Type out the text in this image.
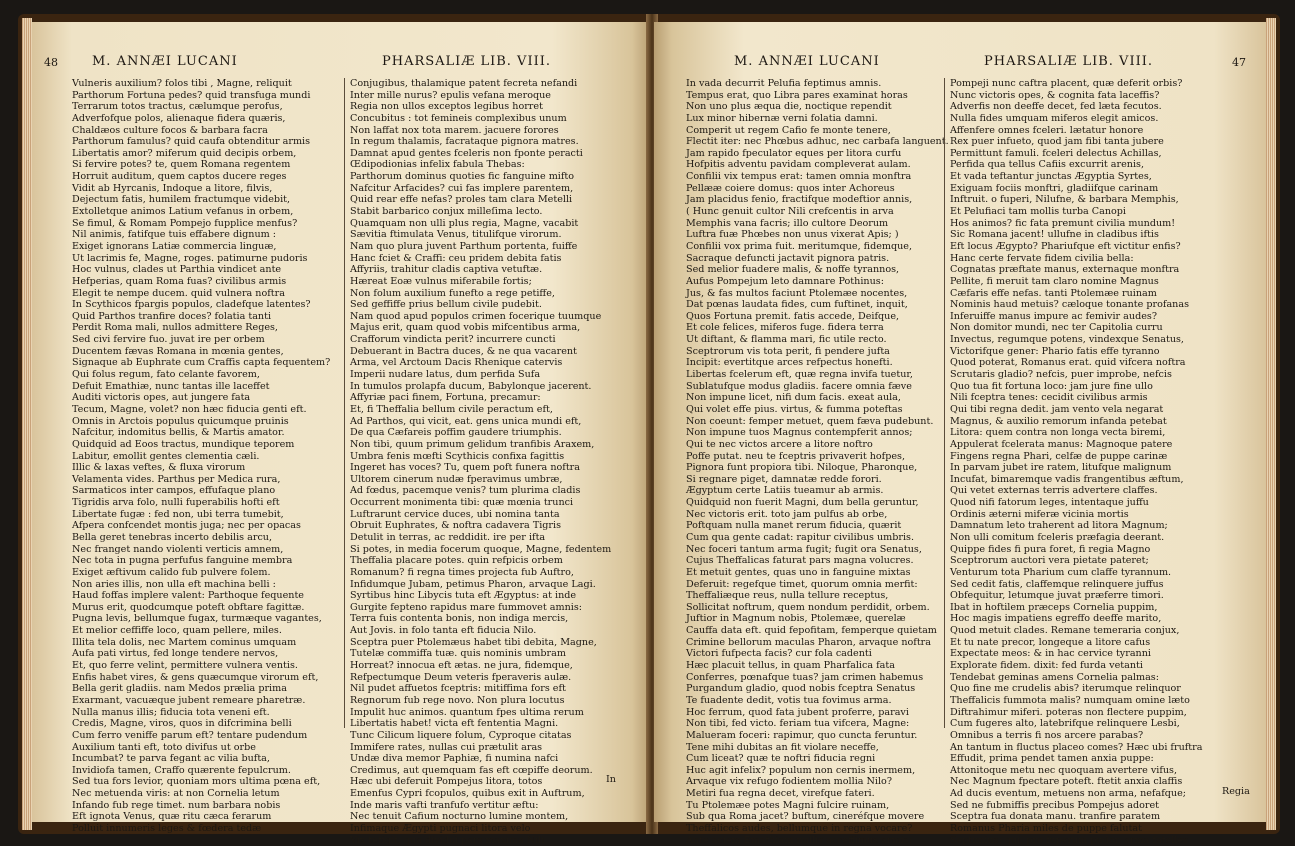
48	M. ANNÆI LUCANI	PHARSALIÆ LIB. VIII.
Vulneris auxilium? folos tibi , Magne, reliquit
Parthorum Fortuna pedes? quid transfuga mundi
Terrarum totos tractus, cælumque perofus,
Adverfofque polos, alienaque fidera quæris,
Chaldæos culture focos & barbara facra
Parthorum famulus? quid caufa obtenditur armis
Libertatis amor? miferum quid decipis orbem,
Si fervire potes? te, quem Romana regentem
Horruit auditum, quem captos ducere reges
Vidit ab Hyrcanis, Indoque a litore, filvis,
Dejectum fatis, humilem fractumque videbit,
Extolletque animos Latium vefanus in orbem,
Se fimul, & Romam Pompejo fupplice menfus?
Nil animis, fatifque tuis effabere dignum :
Exiget ignorans Latiæ commercia linguæ,
Ut lacrimis fe, Magne, roges. patimurne pudoris
Hoc vulnus, clades ut Parthia vindicet ante
Hefperias, quam Roma fuas? civilibus armis
Elegit te nempe ducem. quid vulnera noftra
In Scythicos fpargis populos, cladefque latentes?
Quid Parthos tranfire doces? folatia tanti
Perdit Roma mali, nullos admittere Reges,
Sed civi fervire fuo. juvat ire per orbem
Ducentem fævas Romana in mœnia gentes,
Signaque ab Euphrate cum Craffis capta fequentem?
Qui folus regum, fato celante favorem,
Defuit Emathiæ, nunc tantas ille laceffet
Auditi victoris opes, aut jungere fata
Tecum, Magne, volet? non hæc fiducia genti eft.
Omnis in Arctois populus quicumque pruinis
Nafcitur, indomitus bellis, & Martis amator.
Quidquid ad Eoos tractus, mundique teporem
Labitur, emollit gentes clementia cæli.
Illic & laxas veftes, & fluxa virorum
Velamenta vides. Parthus per Medica rura,
Sarmaticos inter campos, effufaque plano
Tigridis arva folo, nulli fuperabilis hofti eft
Libertate fugæ : fed non, ubi terra tumebit,
Afpera confcendet montis juga; nec per opacas
Bella geret tenebras incerto debilis arcu,
Nec franget nando violenti verticis amnem,
Nec tota in pugna perfufus fanguine membra
Exiget æftivum calido fub pulvere folem.
Non aries illis, non ulla eft machina belli :
Haud foffas implere valent: Parthoque fequente
Murus erit, quodcumque poteft obftare fagittæ.
Pugna levis, bellumque fugax, turmæque vagantes,
Et melior ceffiffe loco, quam pellere, miles.
Illita tela dolis, nec Martem cominus umquam
Aufa pati virtus, fed longe tendere nervos,
Et, quo ferre velint, permittere vulnera ventis.
Enfis habet vires, & gens quæcumque virorum eft,
Bella gerit gladiis. nam Medos prælia prima
Exarmant, vacuæque jubent remeare pharetræ.
Nulla manus illis; fiducia tota veneni eft.
Credis, Magne, viros, quos in difcrimina belli
Cum ferro veniffe parum eft? tentare pudendum
Auxilium tanti eft, toto divifus ut orbe
Incumbat? te parva fegant ac vilia bufta,
Invidiofa tamen, Craffo quærente fepulcrum.
Sed tua fors levior, quoniam mors ultima pœna eft,
Nec metuenda viris: at non Cornelia letum
Infando fub rege timet. num barbara nobis
Eft ignota Venus, quæ ritu cæca ferarum
Polluit innumeris leges & fœdera tedæ
Conjugibus, thalamique patent fecreta nefandi
Inter mille nurus? epulis vefana meroque
Regia non ullos exceptos legibus horret
Concubitus : tot femineis complexibus unum
Non laffat nox tota marem. jacuere forores
In regum thalamis, facrataque pignora matres.
Damnat apud gentes fceleris non fponte peracti
Œdipodionias infelix fabula Thebas:
Parthorum dominus quoties fic fanguine mifto
Nafcitur Arfacides? cui fas implere parentem,
Quid rear effe nefas? proles tam clara Metelli
Stabit barbarico conjux milleſima lecto.
Quamquam non ulli plus regia, Magne, vacabit
Sævitia ftimulata Venus, titulifque virorum.
Nam quo plura juvent Parthum portenta, fuiffe
Hanc fciet & Craffi: ceu pridem debita fatis
Affyriis, trahitur cladis captiva vetuftæ.
Hæreat Eoæ vulnus miferabile fortis;
Non folum auxilium funefto a rege petiffe,
Sed geffiffe prius bellum civile pudebit.
Nam quod apud populos crimen focerique tuumque
Majus erit, quam quod vobis mifcentibus arma,
Crafforum vindicta perit? incurrere cuncti
Debuerant in Bactra duces, & ne qua vacarent
Arma, vel Arctoum Dacis Rhenique catervis
Imperii nudare latus, dum perfida Sufa
In tumulos prolapfa ducum, Babylonque jacerent.
Affyriæ paci finem, Fortuna, precamur:
Et, fi Theffalia bellum civile peractum eft,
Ad Parthos, qui vicit, eat. gens unica mundi eft,
De qua Cæfareis poffim gaudere triumphis.
Non tibi, quum primum gelidum tranfibis Araxem,
Umbra fenis mœfti Scythicis confixa fagittis
Ingeret has voces? Tu, quem poft funera noftra
Ultorem cinerum nudæ fperavimus umbræ,
Ad fœdus, pacemque venis? tum plurima cladis
Occurrent monimenta tibi: quæ mœnia trunci
Luftrarunt cervice duces, ubi nomina tanta
Obruit Euphrates, & noftra cadavera Tigris
Detulit in terras, ac reddidit. ire per ifta
Si potes, in media focerum quoque, Magne, fedentem
Theffalia placare potes. quin refpicis orbem
Romanum? fi regna times projecta fub Auftro,
Infidumque Jubam, petimus Pharon, arvaque Lagi.
Syrtibus hinc Libycis tuta eft Ægyptus: at inde
Gurgite fepteno rapidus mare fummovet amnis:
Terra fuis contenta bonis, non indiga mercis,
Aut Jovis. in folo tanta eft fiducia Nilo.
Sceptra puer Ptolemæus habet tibi debita, Magne,
Tutelæ commiffa tuæ. quis nominis umbram
Horreat? innocua eft ætas. ne jura, fidemque,
Refpectumque Deum veteris fperaveris aulæ.
Nil pudet affuetos fceptris: mitiffima fors eft
Regnorum fub rege novo. Non plura locutus
Impulit huc animos. quantum fpes ultima rerum
Libertatis habet! victa eft fententia Magni.
Tunc Cilicum liquere folum, Cyproque citatas
Immifere rates, nullas cui prætulit aras
Undæ diva memor Paphiæ, fi numina nafci
Credimus, aut quemquam fas eft cœpiffe deorum.
Hæc ubi deferuit Pompejus litora, totos
Emenfus Cypri fcopulos, quibus exit in Auftrum,
Inde maris vafti tranfufo vertitur æftu:
Nec tenuit Cafium nocturno lumine montem,
Infimaque Ægypti pugnaci litora velo
Vix tetigit, qua dividui pars maxima Nili
In
M. ANNÆI LUCANI	PHARSALIÆ LIB. VIII.	47
In vada decurrit Pelufia feptimus amnis.
Tempus erat, quo Libra pares examinat horas
Non uno plus æqua die, noctique rependit
Lux minor hibernæ verni folatia damni.
Comperit ut regem Cafio fe monte tenere,
Flectit iter: nec Phœbus adhuc, nec carbafa languent.
Jam rapido fpeculator eques per litora curfu
Hofpitis adventu pavidam compleverat aulam.
Confilii vix tempus erat: tamen omnia monftra
Pellææ coiere domus: quos inter Achoreus
Jam placidus fenio, fractifque modeftior annis,
( Hunc genuit cultor Nili crefcentis in arva
Memphis vana facris; illo cultore Deorum
Luftra fuæ Phœbes non unus vixerat Apis; )
Confilii vox prima fuit. meritumque, fidemque,
Sacraque defuncti jactavit pignora patris.
Sed melior fuadere malis, & noffe tyrannos,
Aufus Pompejum leto damnare Pothinus:
Jus, & fas multos faciunt Ptolemæe nocentes,
Dat pœnas laudata fides, cum fuftinet, inquit,
Quos Fortuna premit. fatis accede, Deifque,
Et cole felices, miferos fuge. fidera terra
Ut diftant, & flamma mari, fic utile recto.
Sceptrorum vis tota perit, fi pendere jufta
Incipit: evertitque arces refpectus honefti.
Libertas fcelerum eft, quæ regna invifa tuetur,
Sublatufque modus gladiis. facere omnia fæve
Non impune licet, nifi dum facis. exeat aula,
Qui volet effe pius. virtus, & fumma poteftas
Non coeunt: femper metuet, quem fæva pudebunt.
Non impune tuos Magnus contempferit annos;
Qui te nec victos arcere a litore noftro
Poffe putat. neu te fceptris privaverit hofpes,
Pignora funt propiora tibi. Niloque, Pharonque,
Si regnare piget, damnatæ redde forori.
Ægyptum certe Latiis tueamur ab armis.
Quidquid non fuerit Magni, dum bella geruntur,
Nec victoris erit. toto jam pulfus ab orbe,
Poftquam nulla manet rerum fiducia, quærit
Cum qua gente cadat: rapitur civilibus umbris.
Nec foceri tantum arma fugit; fugit ora Senatus,
Cujus Theffalicas faturat pars magna volucres.
Et metuit gentes, quas uno in fanguine mixtas
Deferuit: regefque timet, quorum omnia merfit:
Theffaliæque reus, nulla tellure receptus,
Sollicitat noftrum, quem nondum perdidit, orbem.
Juftior in Magnum nobis, Ptolemæe, querelæ
Cauffa data eft. quid fepofitam, femperque quietam
Crimine bellorum maculas Pharon, arvaque noftra
Victori fufpecta facis? cur fola cadenti
Hæc placuit tellus, in quam Pharfalica fata
Conferres, pœnafque tuas? jam crimen habemus
Purgandum gladio, quod nobis fceptra Senatus
Te fuadente dedit, votis tua fovimus arma.
Hoc ferrum, quod fata jubent proferre, paravi
Non tibi, fed victo. feriam tua vifcera, Magne:
Malueram foceri: rapimur, quo cuncta feruntur.
Tene mihi dubitas an fit violare neceffe,
Cum liceat? quæ te noftri fiducia regni
Huc agit infelix? populum non cernis inermem,
Arvaque vix refugo fodientem mollia Nilo?
Metiri fua regna decet, virefque fateri.
Tu Ptolemæe potes Magni fulcire ruinam,
Sub qua Roma jacet? buftum, cineréfque movere
Theffalicos audes, bellumque in regna vocare?
Ante aciem Emathiam nullis acceffimus armis:
Pompeji nunc caftra placent, quæ deferit orbis?
Nunc victoris opes, & cognita fata laceffis?
Adverfis non deeffe decet, fed læta fecutos.
Nulla fides umquam miferos elegit amicos.
Affenfere omnes fceleri. lætatur honore
Rex puer infueto, quod jam fibi tanta jubere
Permittunt famuli. fceleri delectus Achillas,
Perfida qua tellus Cafiis excurrit arenis,
Et vada teftantur junctas Ægyptia Syrtes,
Exiguam fociis monftri, gladiifque carinam
Inftruit. o fuperi, Nilufne, & barbara Memphis,
Et Pelufiaci tam mollis turba Canopi
Hos animos? fic fata premunt civilia mundum!
Sic Romana jacent! ullufne in cladibus iftis
Eft locus Ægypto? Phariufque eft victitur enfis?
Hanc certe fervate fidem civilia bella:
Cognatas præftate manus, externaque monftra
Pellite, fi meruit tam claro nomine Magnus
Cæfaris effe nefas. tanti Ptolemæe ruinam
Nominis haud metuis? cæloque tonante profanas
Inferuiffe manus impure ac femivir audes?
Non domitor mundi, nec ter Capitolia curru
Invectus, regumque potens, vindexque Senatus,
Victorifque gener: Phario fatis effe tyranno
Quod poterat, Romanus erat. quid vifcera noftra
Scrutaris gladio? nefcis, puer improbe, nefcis
Quo tua fit fortuna loco: jam jure fine ullo
Nili fceptra tenes: cecidit civilibus armis
Qui tibi regna dedit. jam vento vela negarat
Magnus, & auxilio remorum infanda petebat
Litora: quem contra non longa vecta biremi,
Appulerat fcelerata manus: Magnoque patere
Fingens regna Phari, celfæ de puppe carinæ
In parvam jubet ire ratem, litufque malignum
Incufat, bimaremque vadis frangentibus æftum,
Qui vetet externas terris advertere claffes.
Quod nifi fatorum leges, intentaque juffu
Ordinis æterni miferæ vicinia mortis
Damnatum leto traherent ad litora Magnum;
Non ulli comitum fceleris præfagia deerant.
Quippe fides fi pura foret, fi regia Magno
Sceptrorum auctori vera pietate pateret;
Venturum tota Pharium cum claffe tyrannum.
Sed cedit fatis, claffemque relinquere juffus
Obfequitur, letumque juvat præferre timori.
Ibat in hoftilem præceps Cornelia puppim,
Hoc magis impatiens egreffo deeffe marito,
Quod metuit clades. Remane temeraria conjux,
Et tu nate precor, longeque a litore cafus
Expectate meos: & in hac cervice tyranni
Explorate fidem. dixit: fed furda vetanti
Tendebat geminas amens Cornelia palmas:
Quo fine me crudelis abis? iterumque relinquor
Theffalicis fummota malis? numquam omine læto
Diftrahimur miferi. poteras non flectere puppim,
Cum fugeres alto, latebrifque relinquere Lesbi,
Omnibus a terris fi nos arcere parabas?
An tantum in fluctus placeo comes? Hæc ubi fruftra
Effudit, prima pendet tamen anxia puppe:
Attonitoque metu nec quoquam avertere vifus,
Nec Magnum fpectare poteft. ftetit anxia claffis
Ad ducis eventum, metuens non arma, nefafque;
Sed ne fubmiffis precibus Pompejus adoret
Sceptra fua donata manu. tranfire paratem
Romanus Pharia miles de puppe falutat
Septimius: qui, pro fuperum pudor, arma fatelles
Regia
